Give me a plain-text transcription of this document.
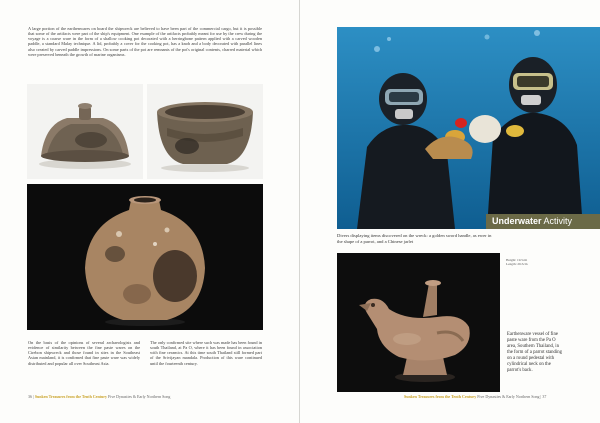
A large portion of the earthenwares on board the shipwreck are believed to have been part of the commercial cargo, but it is possible that some of the artifacts were part of the ship's equipment. One example of the artifacts probably meant for use by the crew during the voyage is a coarse ware in the form of a shallow cooking pot decorated with a herringbone pattern applied with a carved wooden paddle, a standard Malay technique. A lid, probably a cover for the cooking pot, has a knob and a body decorated with parallel lines also created by carved paddle impressions. On some parts of the pot are remnants of the pot's original contents, charred material which were preserved beneath the growth of marine organisms.

On the basis of the opinions of several archaeologists and evidence of similarity between the fine paste wares on the Cirebon shipwreck and those found in sites in the Southeast Asian mainland, it is confirmed that fine paste ware was widely distributed and popular all over Southeast Asia.

The only confirmed site where such was made has been found in south Thailand, at Pa O, where it has been found in association with fine ceramics. At this time south Thailand still formed part of the Srivijayan mandala. Production of this ware continued until the fourteenth century.

36 | Sunken Treasures from the Tenth Century Five Dynasties & Early Northern Song
Underwater Activity

Divers displaying items discovered on the wreck: a golden sword handle, as ewer in the shape of a parrot, and a Chinese jarlet

Height: 19.5cm Length: 26.5cm

Earthenware vessel of fine paste ware from the Pa O area, Southern Thailand, in the form of a parrot standing on a round pedestal with cylindrical neck on the parrot's back.

Sunken Treasures from the Tenth Century Five Dynasties & Early Northern Song | 37
